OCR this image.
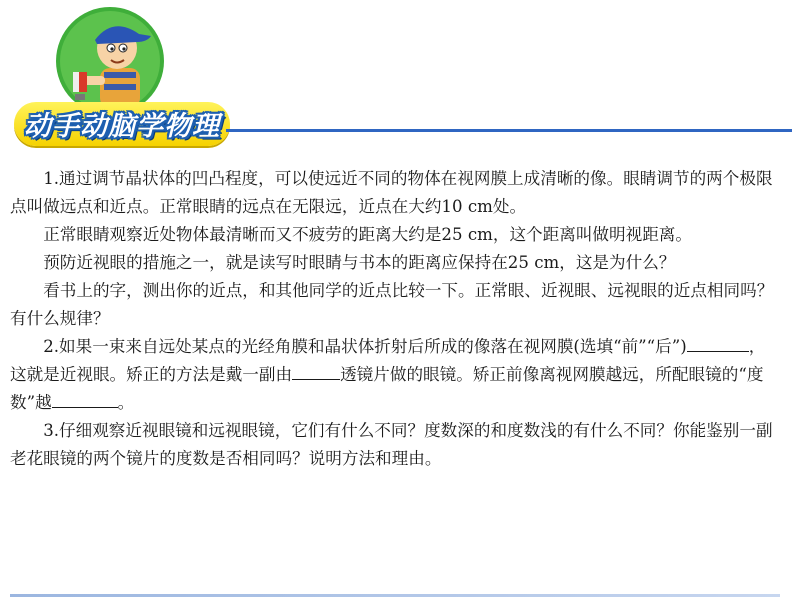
动手动脑学物理

1.通过调节晶状体的凹凸程度，可以使远近不同的物体在视网膜上成清晰的像。眼睛调节的两个极限点叫做远点和近点。正常眼睛的远点在无限远，近点在大约10 cm处。

正常眼睛观察近处物体最清晰而又不疲劳的距离大约是25 cm，这个距离叫做明视距离。

预防近视眼的措施之一，就是读写时眼睛与书本的距离应保持在25 cm，这是为什么？

看书上的字，测出你的近点，和其他同学的近点比较一下。正常眼、近视眼、远视眼的近点相同吗？有什么规律？

2.如果一束来自远处某点的光经角膜和晶状体折射后所成的像落在视网膜(选填“前”“后”)	，这就是近视眼。矫正的方法是戴一副由	透镜片做的眼镜。矫正前像离视网膜越远，所配眼镜的“度数”越	。

3.仔细观察近视眼镜和远视眼镜，它们有什么不同？度数深的和度数浅的有什么不同？你能鉴别一副老花眼镜的两个镜片的度数是否相同吗？说明方法和理由。
